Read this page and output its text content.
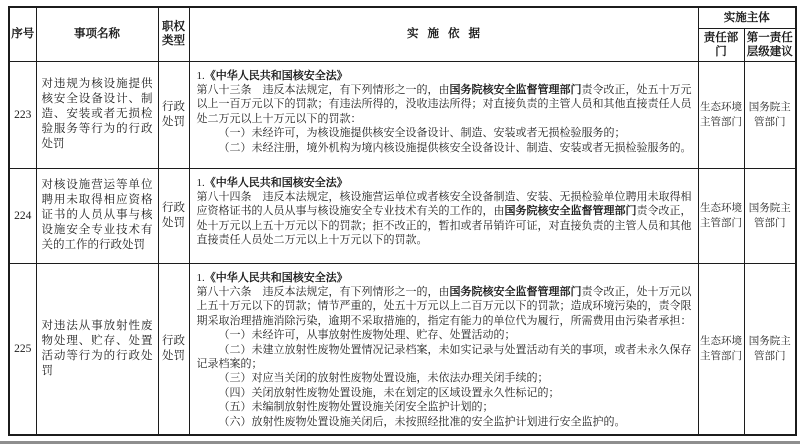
序号	事项名称	职权类型	实施依据	实施主体	
				责任部门	第一责任层级建议
223	对违规为核设施提供核安全设备设计、制造、安装或者无损检验服务等行为的行政处罚	行政处罚	1.《中华人民共和国核安全法》
第八十三条　违反本法规定，有下列情形之一的，由国务院核安全监督管理部门责令改正，处五十万元以上一百万元以下的罚款；有违法所得的，没收违法所得；对直接负责的主管人员和其他直接责任人员处二万元以上十万元以下的罚款：
（一）未经许可，为核设施提供核安全设备设计、制造、安装或者无损检验服务的；
（二）未经注册，境外机构为境内核设施提供核安全设备设计、制造、安装或者无损检验服务的。	生态环境主管部门	国务院主管部门
224	对核设施营运等单位聘用未取得相应资格证书的人员从事与核设施安全专业技术有关的工作的行政处罚	行政处罚	1.《中华人民共和国核安全法》
第八十四条　违反本法规定，核设施营运单位或者核安全设备制造、安装、无损检验单位聘用未取得相应资格证书的人员从事与核设施安全专业技术有关的工作的，由国务院核安全监督管理部门责令改正，处十万元以上五十万元以下的罚款；拒不改正的，暂扣或者吊销许可证，对直接负责的主管人员和其他直接责任人员处二万元以上十万元以下的罚款。	生态环境主管部门	国务院主管部门
225	对违法从事放射性废物处理、贮存、处置活动等行为的行政处罚	行政处罚	
1.《中华人民共和国核安全法》
第八十六条　违反本法规定，有下列情形之一的，由国务院核安全监督管理部门责令改正，处十万元以上五十万元以下的罚款；情节严重的，处五十万元以上二百万元以下的罚款；造成环境污染的，责令限期采取治理措施消除污染，逾期不采取措施的，指定有能力的单位代为履行，所需费用由污染者承担：
（一）未经许可，从事放射性废物处理、贮存、处置活动的；
（二）未建立放射性废物处置情况记录档案，未如实记录与处置活动有关的事项，或者未永久保存记录档案的；
（三）对应当关闭的放射性废物处置设施，未依法办理关闭手续的；
（四）关闭放射性废物处置设施，未在划定的区域设置永久性标记的；
（五）未编制放射性废物处置设施关闭安全监护计划的；
（六）放射性废物处置设施关闭后，未按照经批准的安全监护计划进行安全监护的。
	生态环境主管部门	国务院主管部门
